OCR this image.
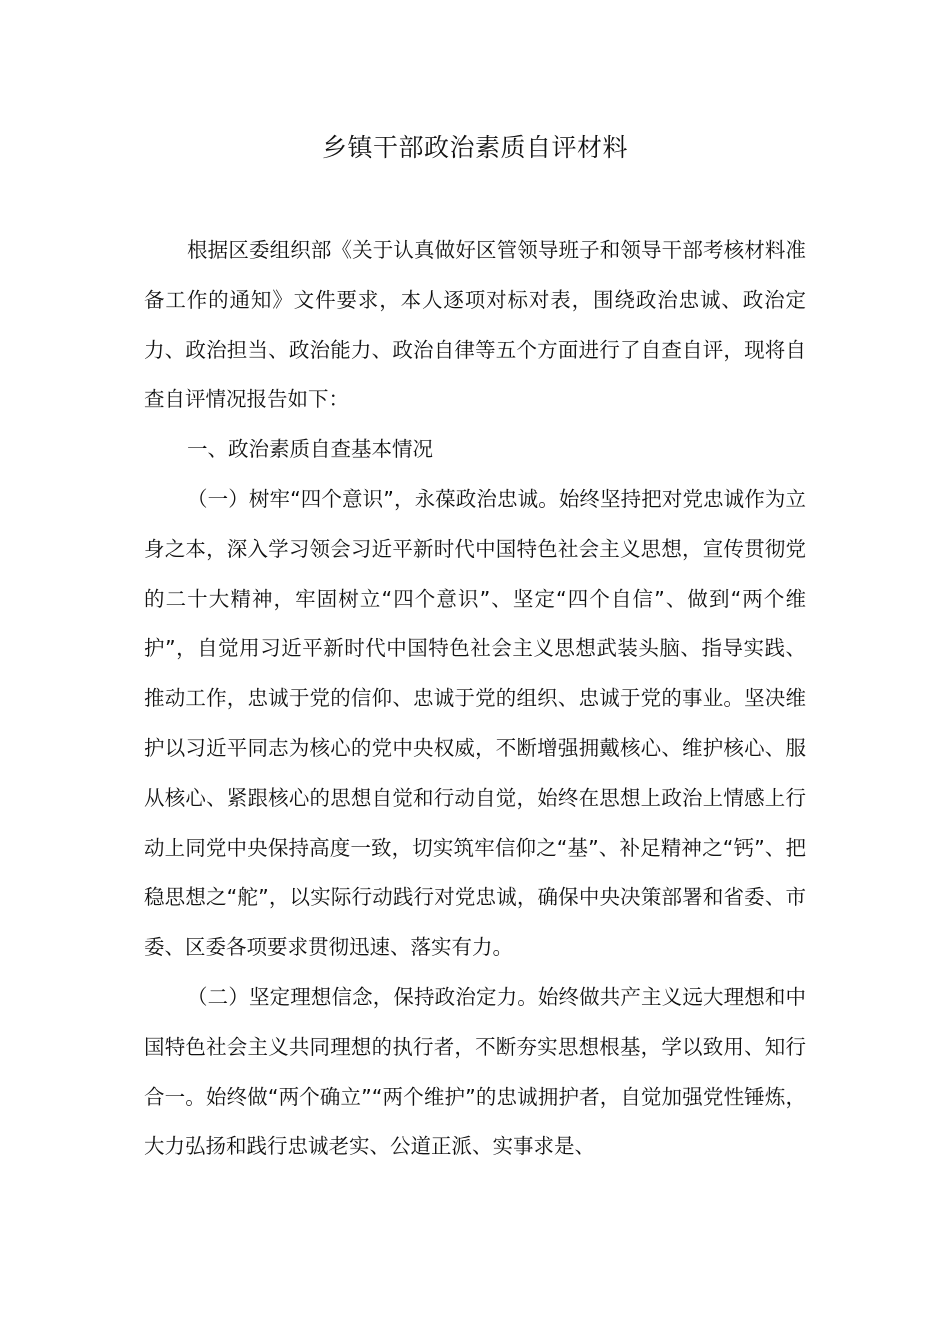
乡镇干部政治素质自评材料

根据区委组织部《关于认真做好区管领导班子和领导干部考核材料准备工作的通知》文件要求，本人逐项对标对表，围绕政治忠诚、政治定力、政治担当、政治能力、政治自律等五个方面进行了自查自评，现将自查自评情况报告如下：

一、政治素质自查基本情况

（一）树牢“四个意识”，永葆政治忠诚。始终坚持把对党忠诚作为立身之本，深入学习领会习近平新时代中国特色社会主义思想，宣传贯彻党的二十大精神，牢固树立“四个意识”、坚定“四个自信”、做到“两个维护”，自觉用习近平新时代中国特色社会主义思想武装头脑、指导实践、推动工作，忠诚于党的信仰、忠诚于党的组织、忠诚于党的事业。坚决维护以习近平同志为核心的党中央权威，不断增强拥戴核心、维护核心、服从核心、紧跟核心的思想自觉和行动自觉，始终在思想上政治上情感上行动上同党中央保持高度一致，切实筑牢信仰之“基”、补足精神之“钙”、把稳思想之“舵”，以实际行动践行对党忠诚，确保中央决策部署和省委、市委、区委各项要求贯彻迅速、落实有力。

（二）坚定理想信念，保持政治定力。始终做共产主义远大理想和中国特色社会主义共同理想的执行者，不断夯实思想根基，学以致用、知行合一。始终做“两个确立”“两个维护”的忠诚拥护者，自觉加强党性锤炼，大力弘扬和践行忠诚老实、公道正派、实事求是、
